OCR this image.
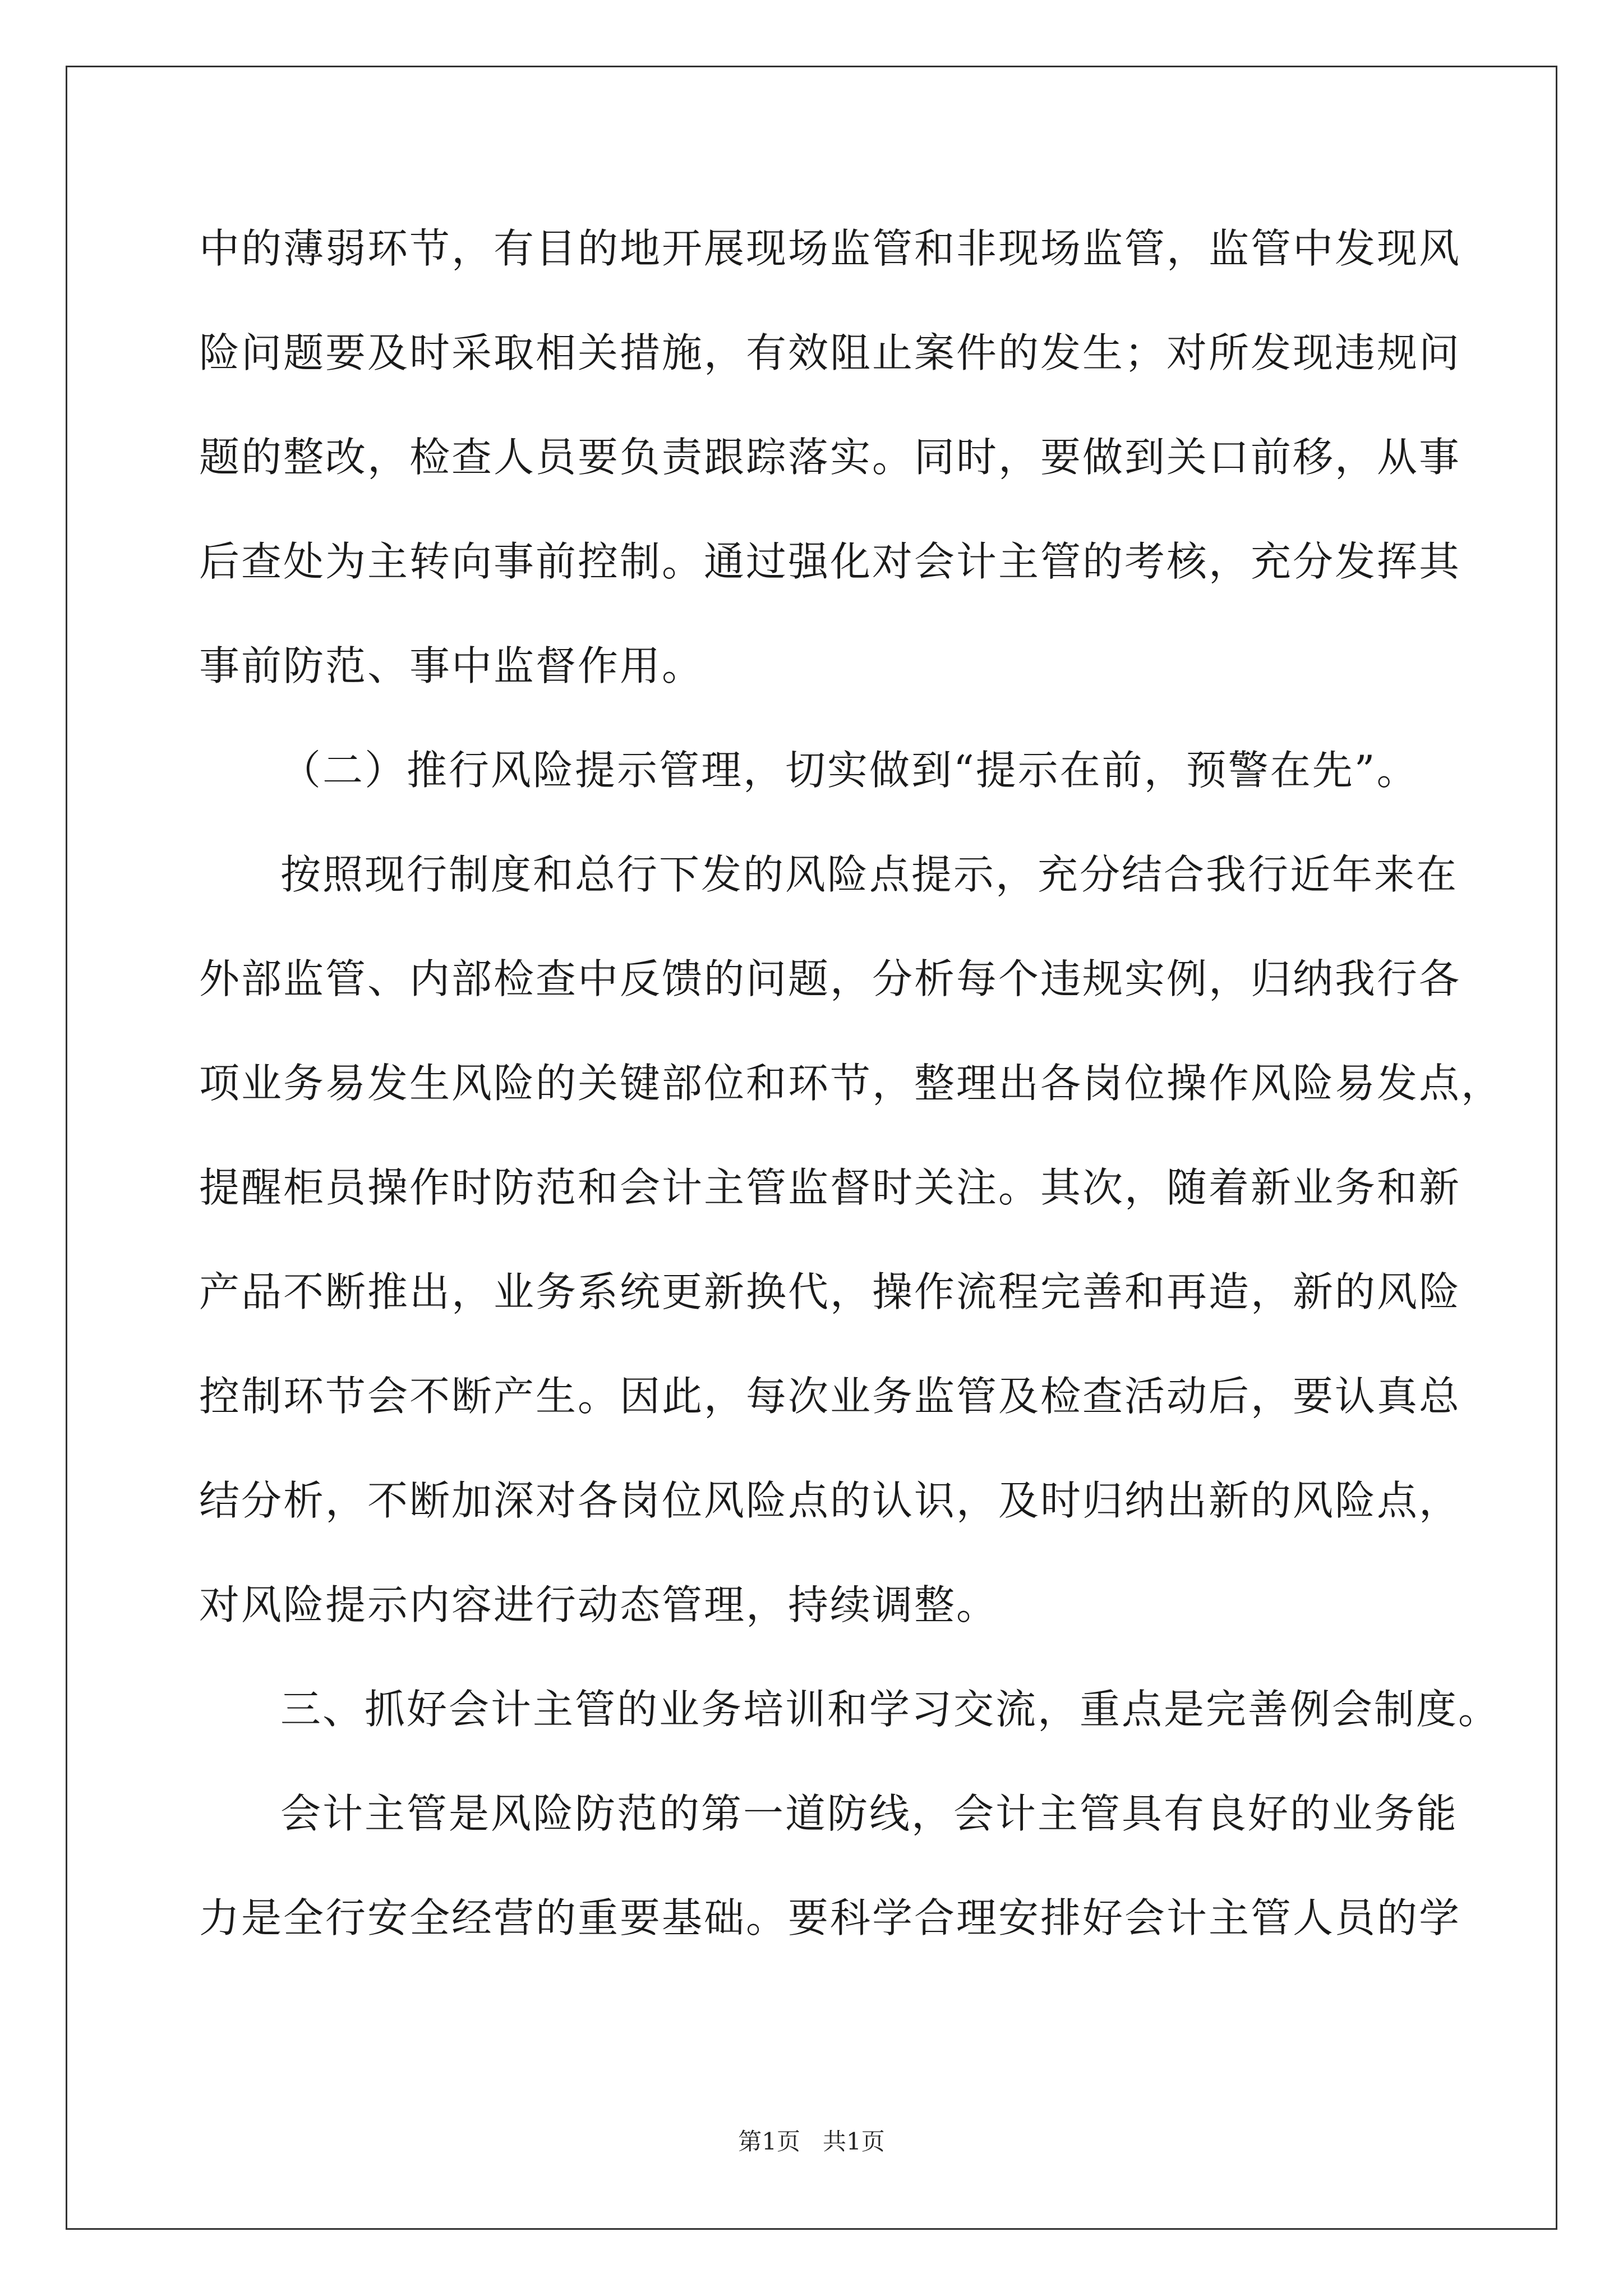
中的薄弱环节，有目的地开展现场监管和非现场监管，监管中发现风
险问题要及时采取相关措施，有效阻止案件的发生；对所发现违规问
题的整改，检查人员要负责跟踪落实。同时，要做到关口前移，从事
后查处为主转向事前控制。通过强化对会计主管的考核，充分发挥其
事前防范、事中监督作用。
（二）推行风险提示管理，切实做到“提示在前，预警在先”。
按照现行制度和总行下发的风险点提示，充分结合我行近年来在
外部监管、内部检查中反馈的问题，分析每个违规实例，归纳我行各
项业务易发生风险的关键部位和环节，整理出各岗位操作风险易发点，
提醒柜员操作时防范和会计主管监督时关注。其次，随着新业务和新
产品不断推出，业务系统更新换代，操作流程完善和再造，新的风险
控制环节会不断产生。因此，每次业务监管及检查活动后，要认真总
结分析，不断加深对各岗位风险点的认识，及时归纳出新的风险点，
对风险提示内容进行动态管理，持续调整。
三、抓好会计主管的业务培训和学习交流，重点是完善例会制度。
会计主管是风险防范的第一道防线，会计主管具有良好的业务能
力是全行安全经营的重要基础。要科学合理安排好会计主管人员的学
第1页   共1页
